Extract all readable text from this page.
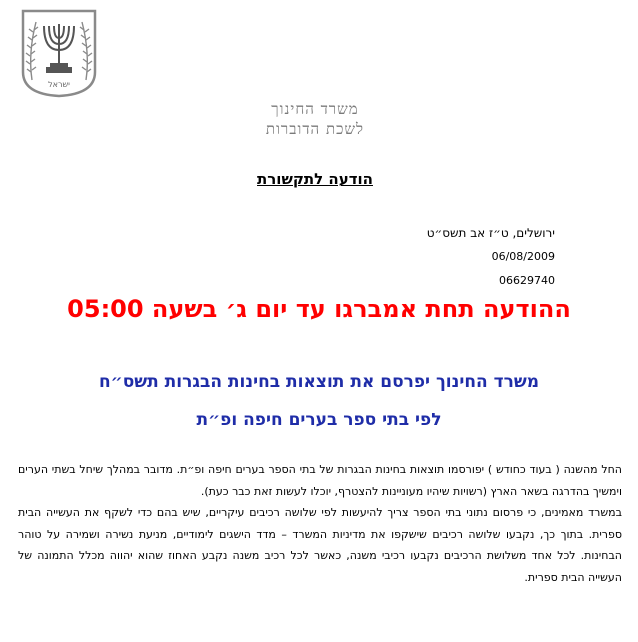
ישראל
משרד החינוך
לשכת הדוברות
הודעה לתקשורת
ירושלים, ט״ז אב תשס״ט
06/08/2009
06629740
ההודעה תחת אמברגו עד יום ג׳ בשעה 05:00
משרד החינוך יפרסם את תוצאות בחינות הבגרות תשס״ח
לפי בתי ספר בערים חיפה ופ״ת

החל מהשנה ( בעוד כחודש ) יפורסמו תוצאות בחינות הבגרות של בתי הספר בערים חיפה ופ״ת. מדובר במהלך שיחל בשתי הערים וימשיך בהדרגה בשאר הארץ (רשויות שיהיו מעוניינות להצטרף, יוכלו לעשות זאת כבר כעת).

במשרד מאמינים, כי פרסום נתוני בתי הספר צריך להיעשות לפי שלושה רכיבים עיקריים, שיש בהם כדי לשקף את העשייה הבית ספרית. בתוך כך, נקבעו שלושה רכיבים שישקפו את מדיניות המשרד – מדד הישגים לימודיים, מניעת נשירה ושמירה על טוהר הבחינות. לכל אחד משלושת הרכיבים נקבעו רכיבי משנה, כאשר לכל רכיב משנה נקבע האחוז שהוא יהווה מכלל התמונה של העשייה הבית ספרית.
